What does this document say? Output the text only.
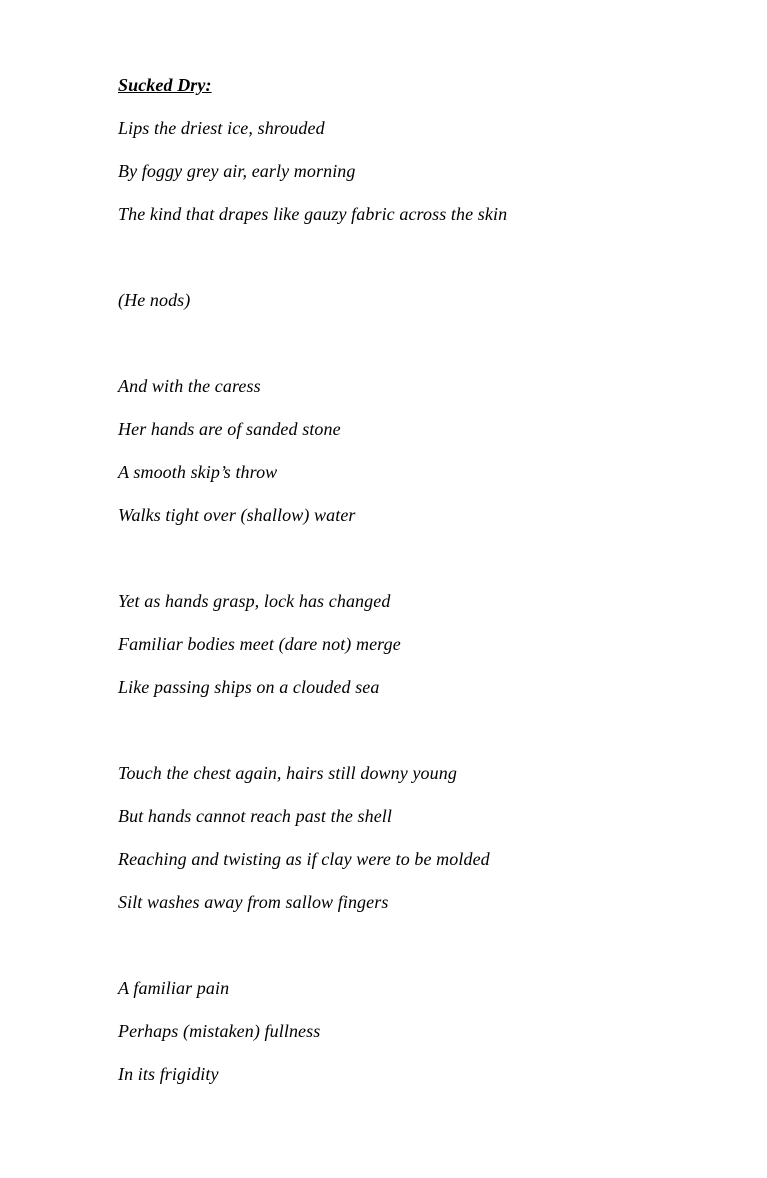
Sucked Dry:

Lips the driest ice, shrouded

By foggy grey air, early morning

The kind that drapes like gauzy fabric across the skin

(He nods)

And with the caress

Her hands are of sanded stone

A smooth skip’s throw

Walks tight over (shallow) water

Yet as hands grasp, lock has changed

Familiar bodies meet (dare not) merge

Like passing ships on a clouded sea

Touch the chest again, hairs still downy young

But hands cannot reach past the shell

Reaching and twisting as if clay were to be molded

Silt washes away from sallow fingers

A familiar pain

Perhaps (mistaken) fullness

In its frigidity
